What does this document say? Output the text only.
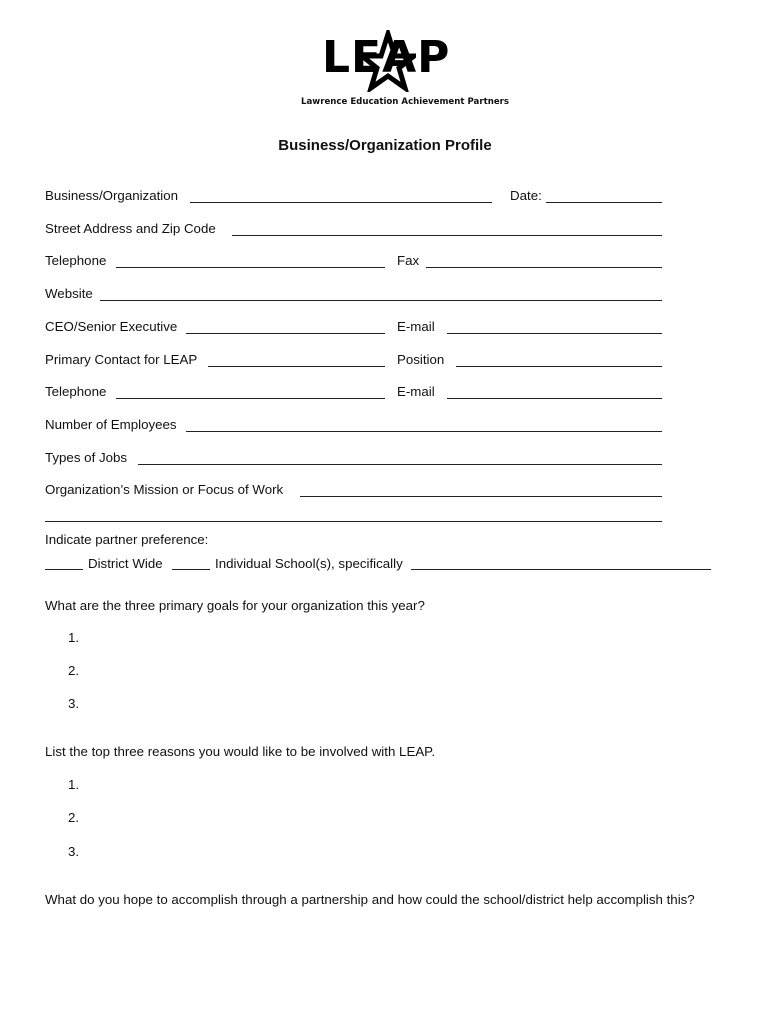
LEAP
Lawrence Education Achievement Partners
Business/Organization Profile
Business/Organization	Date:
Street Address and Zip Code
Telephone	Fax
Website
CEO/Senior Executive	E-mail
Primary Contact for LEAP	Position
Telephone	E-mail
Number of Employees
Types of Jobs
Organization’s Mission or Focus of Work
Indicate partner preference:
District Wide	Individual School(s), specifically
What are the three primary goals for your organization this year?
1.
2.
3.
List the top three reasons you would like to be involved with LEAP.
1.
2.
3.
What do you hope to accomplish through a partnership and how could the school/district help accomplish this?
